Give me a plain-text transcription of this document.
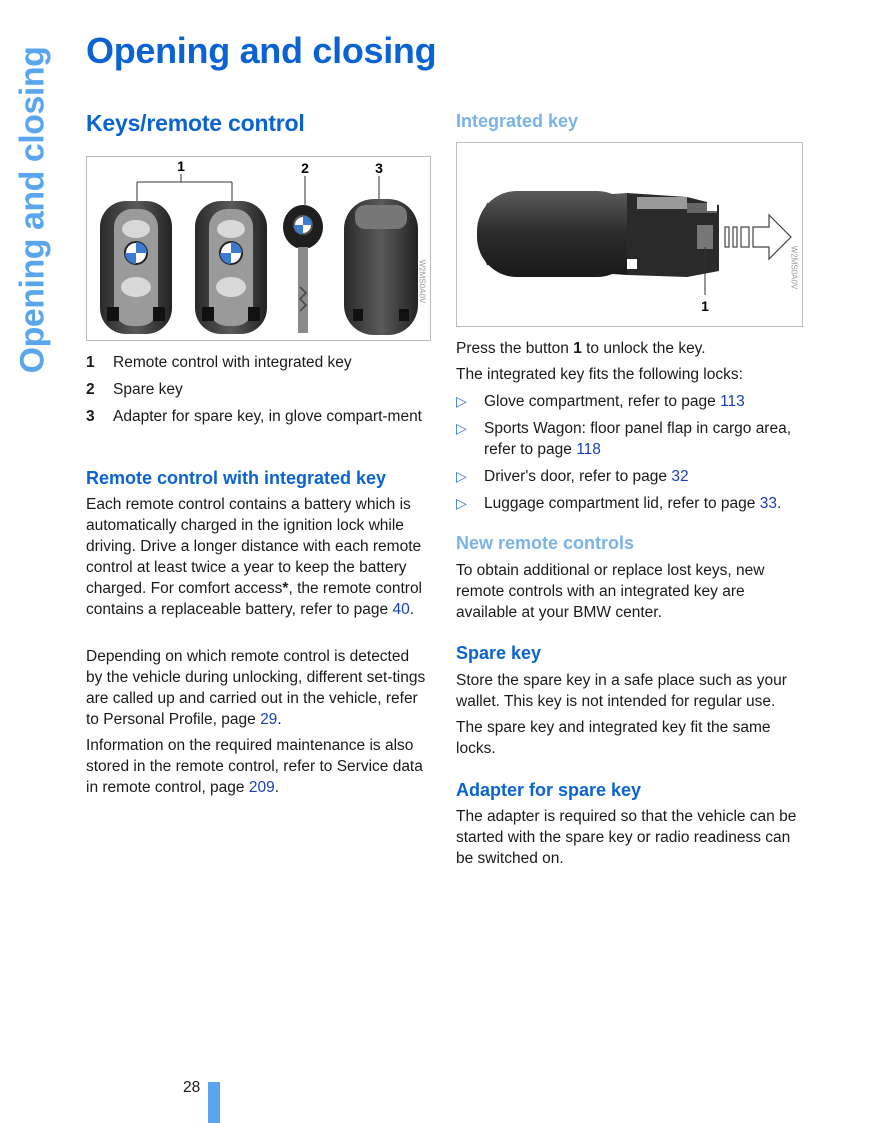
Opening and closing Opening and closing
Keys/remote control
1	2	3
W2MS0A0V
1 Remote control with integrated key
2 Spare key
3 Adapter for spare key, in glove compart-ment
Remote control with integrated key

Each remote control contains a battery which is automatically charged in the ignition lock while driving. Drive a longer distance with each remote control at least twice a year to keep the battery charged. For comfort access*, the remote control contains a replaceable battery, refer to page 40.

Depending on which remote control is detected by the vehicle during unlocking, different set-tings are called up and carried out in the vehicle, refer to Personal Profile, page 29.

Information on the required maintenance is also stored in the remote control, refer to Service data in remote control, page 209.

Integrated key
1
W2MS0A0V

Press the button 1 to unlock the key.

The integrated key fits the following locks:

▷ Glove compartment, refer to page 113
▷ Sports Wagon: floor panel flap in cargo area, refer to page 118
▷ Driver's door, refer to page 32
▷ Luggage compartment lid, refer to page 33.
New remote controls

To obtain additional or replace lost keys, new remote controls with an integrated key are available at your BMW center.

Spare key

Store the spare key in a safe place such as your wallet. This key is not intended for regular use.

The spare key and integrated key fit the same locks.

Adapter for spare key

The adapter is required so that the vehicle can be started with the spare key or radio readiness can be switched on.

28
